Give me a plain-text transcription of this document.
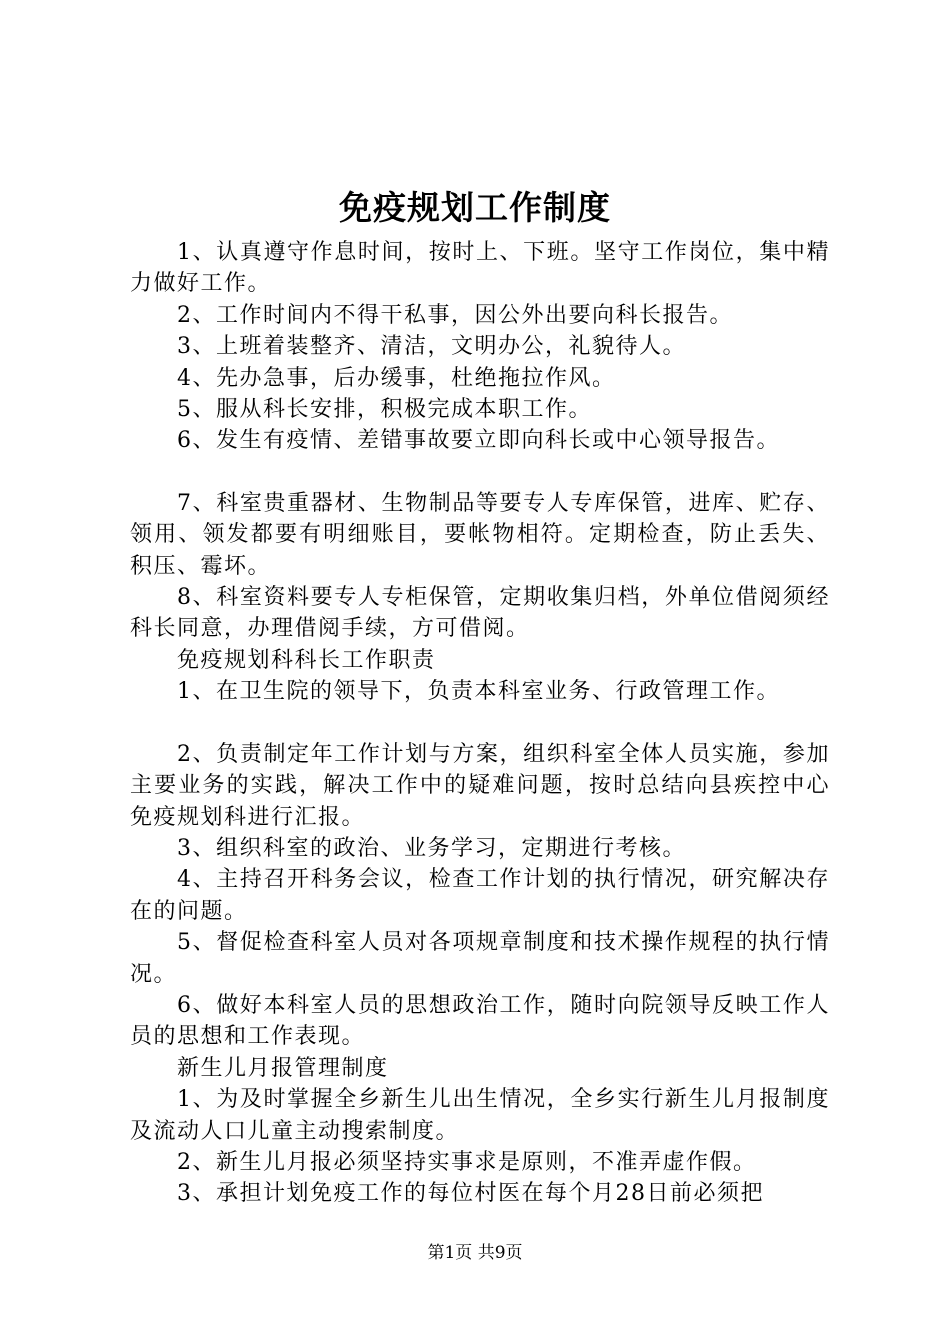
免疫规划工作制度

1、认真遵守作息时间，按时上、下班。坚守工作岗位，集中精力做好工作。

2、工作时间内不得干私事，因公外出要向科长报告。

3、上班着装整齐、清洁，文明办公，礼貌待人。

4、先办急事，后办缓事，杜绝拖拉作风。

5、服从科长安排，积极完成本职工作。

6、发生有疫情、差错事故要立即向科长或中心领导报告。

7、科室贵重器材、生物制品等要专人专库保管，进库、贮存、领用、领发都要有明细账目，要帐物相符。定期检查，防止丢失、积压、霉坏。

8、科室资料要专人专柜保管，定期收集归档，外单位借阅须经科长同意，办理借阅手续，方可借阅。

免疫规划科科长工作职责

1、在卫生院的领导下，负责本科室业务、行政管理工作。

2、负责制定年工作计划与方案，组织科室全体人员实施，参加主要业务的实践，解决工作中的疑难问题，按时总结向县疾控中心免疫规划科进行汇报。

3、组织科室的政治、业务学习，定期进行考核。

4、主持召开科务会议，检查工作计划的执行情况，研究解决存在的问题。

5、督促检查科室人员对各项规章制度和技术操作规程的执行情况。

6、做好本科室人员的思想政治工作，随时向院领导反映工作人员的思想和工作表现。

新生儿月报管理制度

1、为及时掌握全乡新生儿出生情况，全乡实行新生儿月报制度及流动人口儿童主动搜索制度。

2、新生儿月报必须坚持实事求是原则，不准弄虚作假。

3、承担计划免疫工作的每位村医在每个月28日前必须把

第1页 共9页
